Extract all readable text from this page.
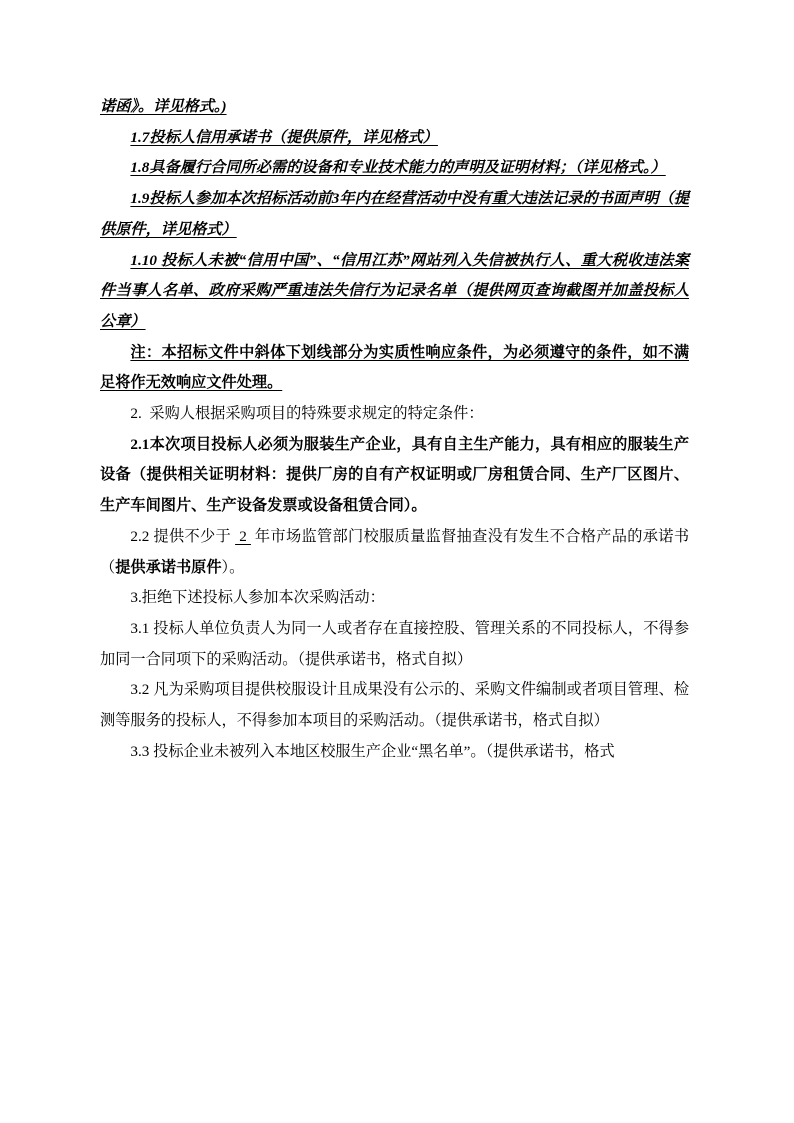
诺函》。详见格式。)

1.7投标人信用承诺书（提供原件，详见格式）

1.8具备履行合同所必需的设备和专业技术能力的声明及证明材料；（详见格式。）

1.9投标人参加本次招标活动前3年内在经营活动中没有重大违法记录的书面声明（提供原件，详见格式）

1.10 投标人未被“信用中国”、“信用江苏”网站列入失信被执行人、重大税收违法案件当事人名单、政府采购严重违法失信行为记录名单（提供网页查询截图并加盖投标人公章）

注：本招标文件中斜体下划线部分为实质性响应条件，为必须遵守的条件，如不满足将作无效响应文件处理。

2.  采购人根据采购项目的特殊要求规定的特定条件：

2.1本次项目投标人必须为服装生产企业，具有自主生产能力，具有相应的服装生产设备（提供相关证明材料：提供厂房的自有产权证明或厂房租赁合同、生产厂区图片、生产车间图片、生产设备发票或设备租赁合同）。

2.2 提供不少于 2 年市场监管部门校服质量监督抽查没有发生不合格产品的承诺书（提供承诺书原件）。

3.拒绝下述投标人参加本次采购活动：

3.1 投标人单位负责人为同一人或者存在直接控股、管理关系的不同投标人，不得参加同一合同项下的采购活动。（提供承诺书，格式自拟）

3.2 凡为采购项目提供校服设计且成果没有公示的、采购文件编制或者项目管理、检测等服务的投标人，不得参加本项目的采购活动。（提供承诺书，格式自拟）

3.3 投标企业未被列入本地区校服生产企业“黑名单”。（提供承诺书，格式
